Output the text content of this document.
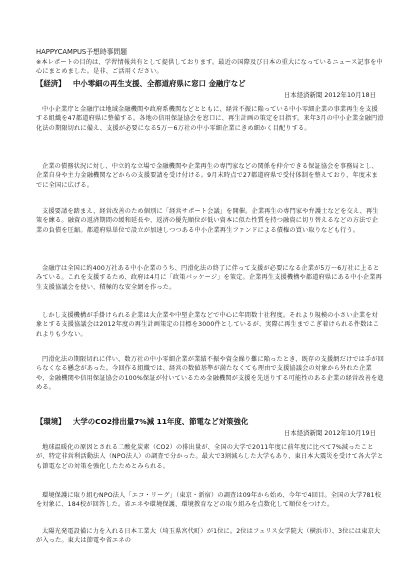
HAPPYCAMPUS予想時事問題

※本レポートの目的は、学習情報共有として提供しております。最近の国際及び日本の重大になっているニュース記事を中心にまとめました。是非、ご活用ください。

【経済】  中小零細の再生支援、全都道府県に窓口 金融庁など
日本経済新聞 2012年10月18日

中小企業庁と金融庁は地域金融機関や政府系機関などとともに、経営不振に陥っている中小零細企業の事業再生を支援する組織を47都道府県に整備する。各地の信用保証協会を窓口に、再生計画の策定を目指す。来年3月の中小企業金融円滑化法の期限切れに備え、支援が必要になる5万～6万社の中小零細企業にきめ細かく目配りする。

企業の債務状況に対し、中立的な立場で金融機関や企業再生の専門家などの関係を仲介できる保証協会を事務局とし、企業自身や主力金融機関などからの支援要請を受け付ける。9月末時点で27都道府県で受付体制を整えており、年度末までに全国に広げる。

支援要請を踏まえ、経営改善のため個別に「経営サポート会議」を開催。企業再生の専門家や弁護士などを交え、再生策を練る。融資の返済期間の緩和延長や、返済の優先順位が低い資本に似た性質を持つ融資に切り替えるなどの方法で企業の負債を圧縮。都道府県単位で設立が加速しつつある中小企業再生ファンドによる債権の買い取りなども行う。

金融庁は全国に約400万社ある中小企業のうち、円滑化法の終了に伴って支援が必要になる企業が5万～6万社に上るとみている。これを支援するため、政府は4月に「政策パッケージ」を策定。企業再生支援機構や都道府県にある中小企業再生支援協議会を使い、積極的な安全網を作った。

しかし支援機構が手掛けられる企業は大企業や中堅企業などで中心に年間数十社程度。それより規模の小さい企業を対象とする支援協議会は2012年度の再生計画策定の目標を3000件としているが、実際に再生までこぎ着けられる件数はこれよりも少ない。

円滑化法の期限切れに伴い、数万社の中小零細企業が業績不振や資金繰り難に陥ったとき、既存の支援網だけでは手が回らなくなる懸念があった。今回作る組織では、経営の数値基準が満たなくても理由で支援協議会の対象から外れた企業や、金融機関や信用保証協会の100%保証が付いているため金融機関が支援を先送りする可能性のある企業の経営改善を進める。

【環境】  大学のCO2排出量7%減 11年度、節電など対策強化
日本経済新聞 2012年10月19日

地球温暖化の原因とされる二酸化炭素（CO2）の排出量が、全国の大学で2011年度に前年度に比べて7%減ったことが、特定非営利活動法人（NPO法人）の調査で分かった。最大で3割減らした大学もあり、東日本大震災を受けて各大学とも節電などの対策を強化したためとみられる。

環境保護に取り組むNPO法人「エコ・リーグ」（東京・新宿）の調査は09年から始め、今年で4回目。全国の大学781校を対象に、184校が回答した。省エネや環境保護、環境教育などの取り組みを点数化して順位をつけた。

太陽光発電設備に力を入れる日本工業大（埼玉県宮代町）が1位に。2位はフェリス女学院大（横浜市）、3位には東京大が入った。東大は節電や省エネの
